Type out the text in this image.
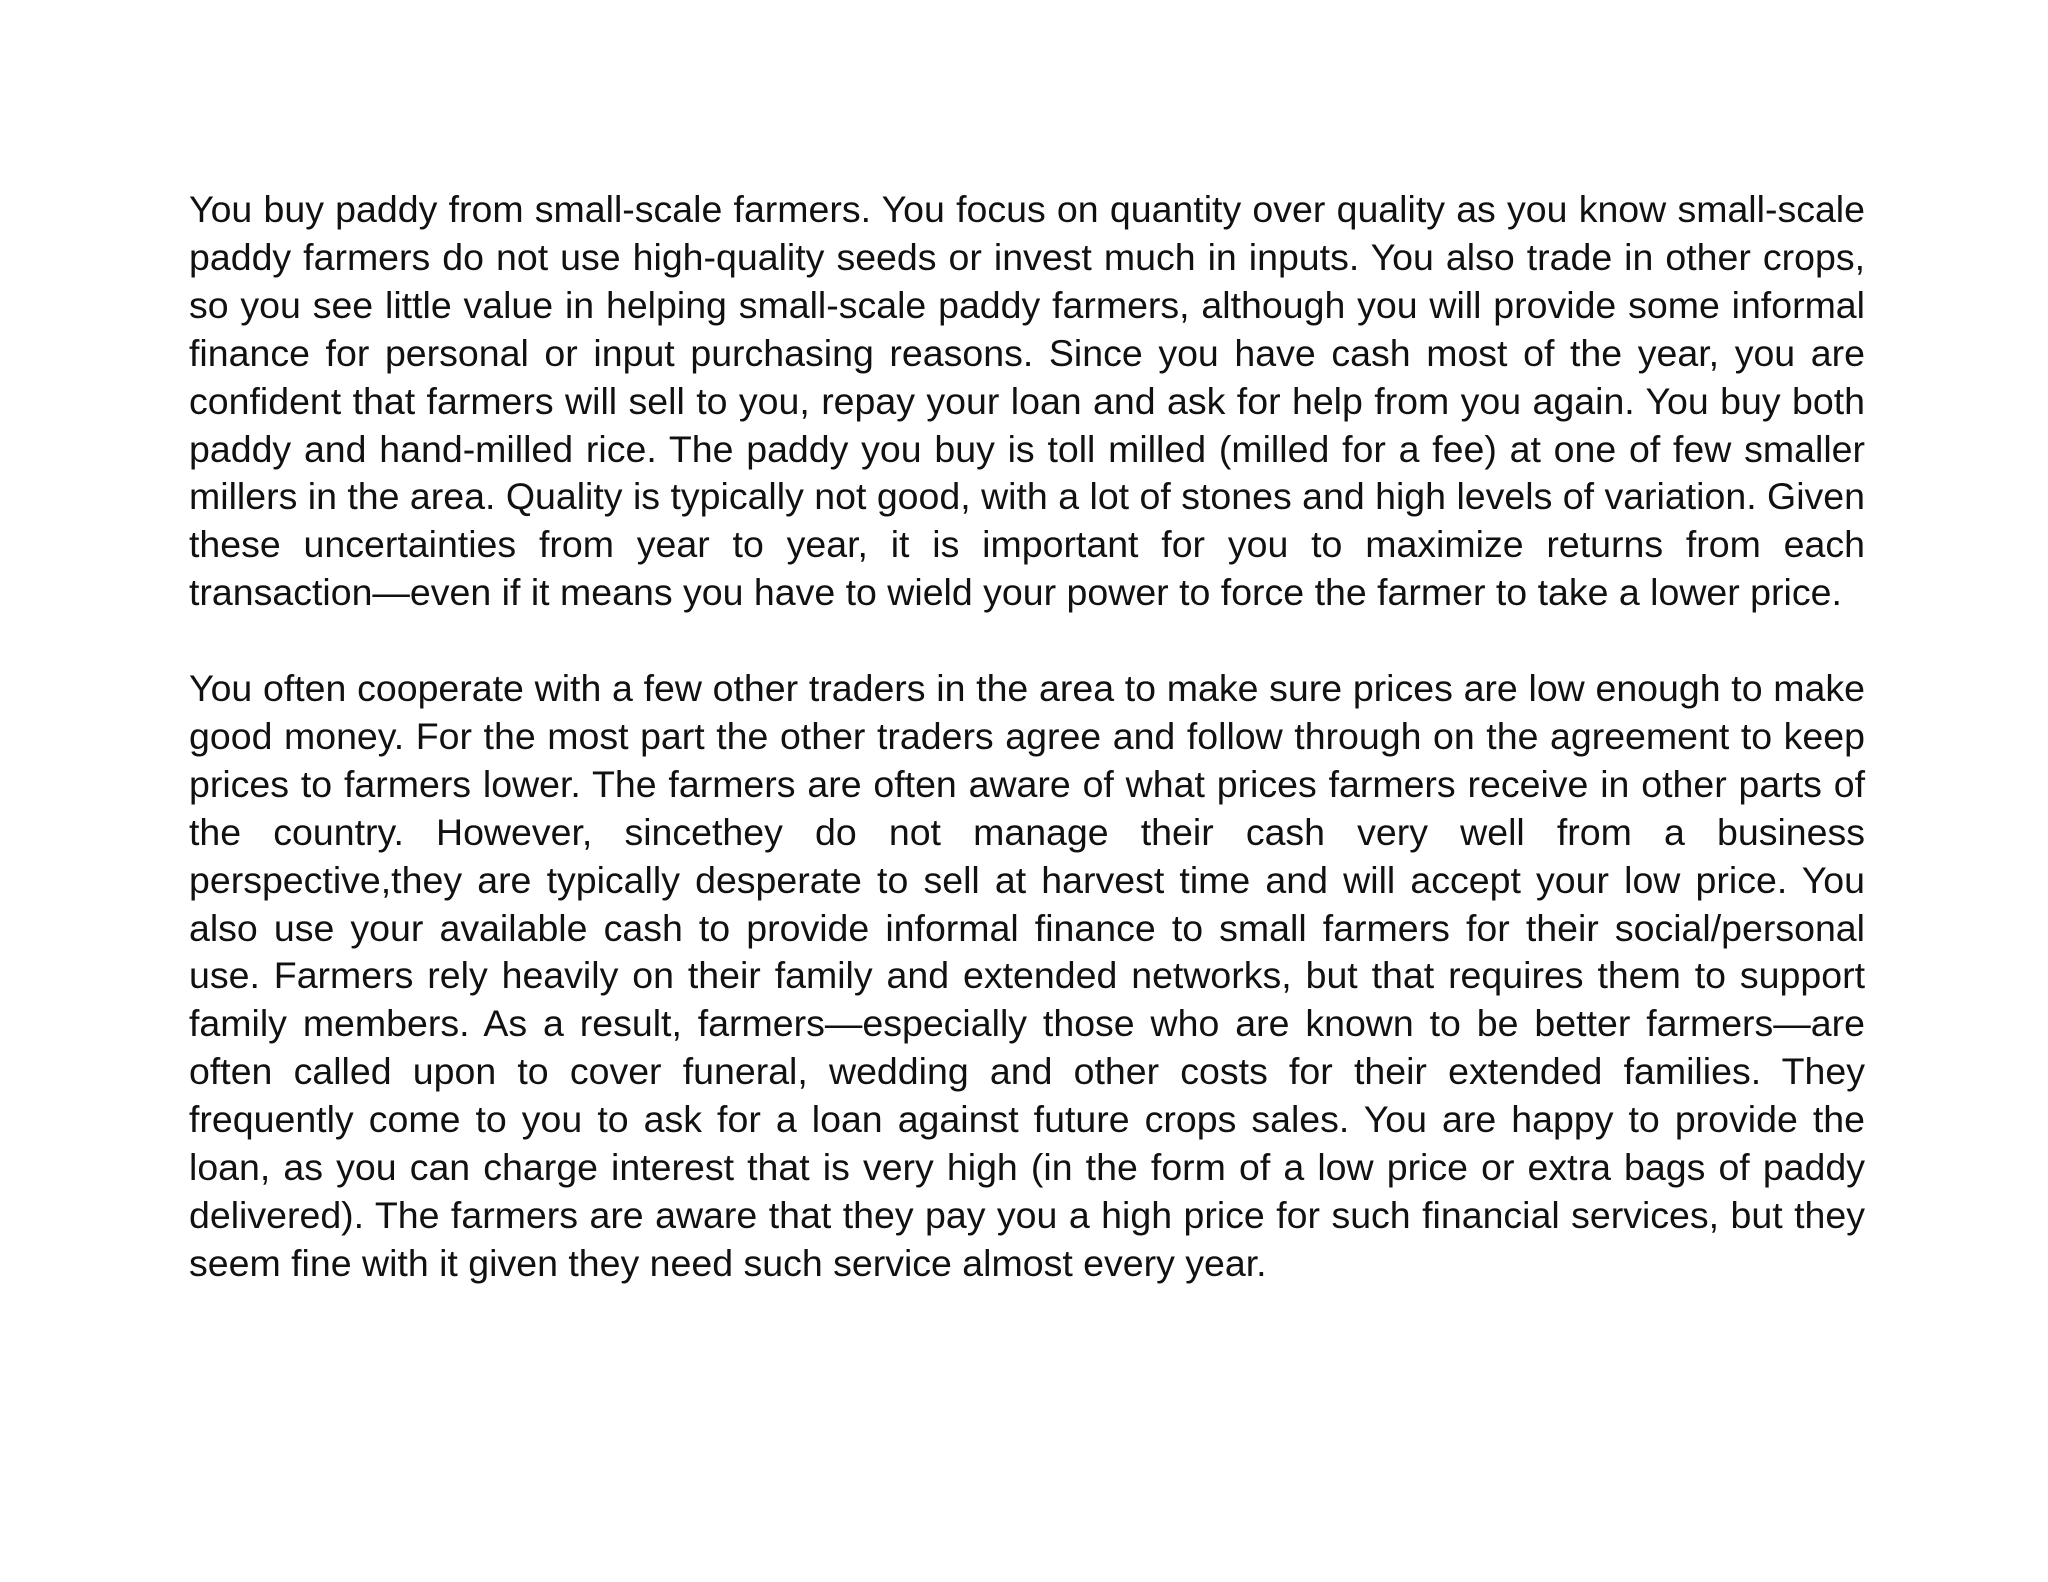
You buy paddy from small-scale farmers. You focus on quantity over quality as you know small-scale paddy farmers do not use high-quality seeds or invest much in inputs. You also trade in other crops, so you see little value in helping small-scale paddy farmers, although you will provide some informal finance for personal or input purchasing reasons. Since you have cash most of the year, you are confident that farmers will sell to you, repay your loan and ask for help from you again. You buy both paddy and hand-milled rice. The paddy you buy is toll milled (milled for a fee) at one of few smaller millers in the area. Quality is typically not good, with a lot of stones and high levels of variation. Given these uncertainties from year to year, it is important for you to maximize returns from each transaction—even if it means you have to wield your power to force the farmer to take a lower price.

You often cooperate with a few other traders in the area to make sure prices are low enough to make good money. For the most part the other traders agree and follow through on the agreement to keep prices to farmers lower. The farmers are often aware of what prices farmers receive in other parts of the country. However, sincethey do not manage their cash very well from a business perspective,they are typically desperate to sell at harvest time and will accept your low price. You also use your available cash to provide informal finance to small farmers for their social/personal use. Farmers rely heavily on their family and extended networks, but that requires them to support family members. As a result, farmers—especially those who are known to be better farmers—are often called upon to cover funeral, wedding and other costs for their extended families. They frequently come to you to ask for a loan against future crops sales. You are happy to provide the loan, as you can charge interest that is very high (in the form of a low price or extra bags of paddy delivered). The farmers are aware that they pay you a high price for such financial services, but they seem fine with it given they need such service almost every year.
